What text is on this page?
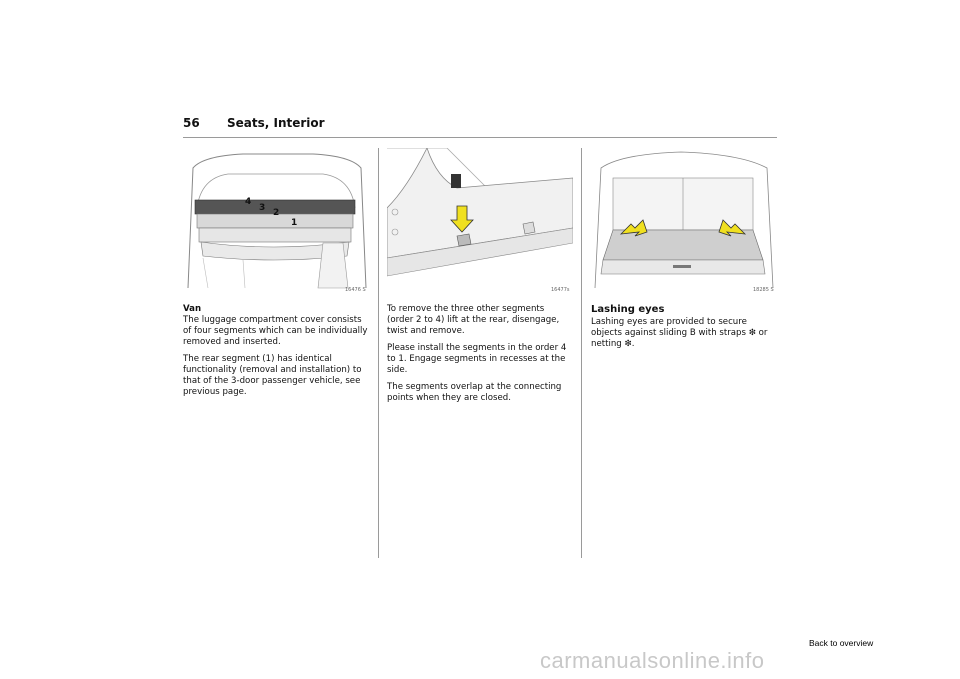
56 Seats, Interior
4
3 2
1
16476 S	16477s	18285 S

Van

The luggage compartment cover consists of four segments which can be individually removed and inserted.

The rear segment (1) has identical functionality (removal and installation) to that of the 3-door passenger vehicle, see previous page.

To remove the three other segments (order 2 to 4) lift at the rear, disengage, twist and remove.

Please install the segments in the order 4 to 1. Engage segments in recesses at the side.

The segments overlap at the connecting points when they are closed.

Lashing eyes

Lashing eyes are provided to secure objects against sliding B with straps ❇ or netting ❇.

Back to overview
carmanualsonline.info
